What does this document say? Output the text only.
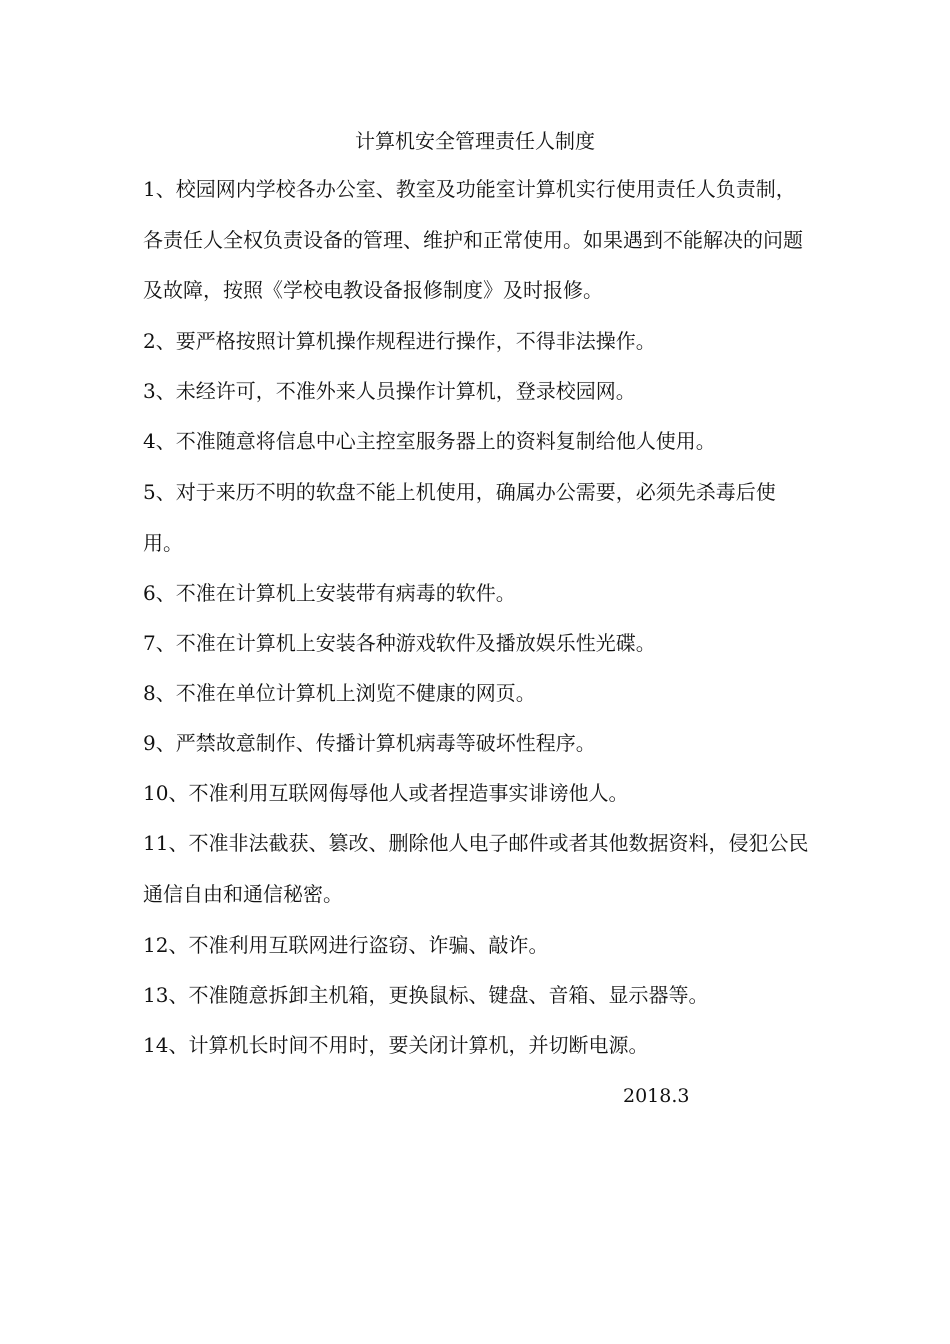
计算机安全管理责任人制度

1、校园网内学校各办公室、教室及功能室计算机实行使用责任人负责制，各责任人全权负责设备的管理、维护和正常使用。如果遇到不能解决的问题及故障，按照《学校电教设备报修制度》及时报修。

2、要严格按照计算机操作规程进行操作，不得非法操作。

3、未经许可，不准外来人员操作计算机，登录校园网。

4、不准随意将信息中心主控室服务器上的资料复制给他人使用。

5、对于来历不明的软盘不能上机使用，确属办公需要，必须先杀毒后使用。

6、不准在计算机上安装带有病毒的软件。

7、不准在计算机上安装各种游戏软件及播放娱乐性光碟。

8、不准在单位计算机上浏览不健康的网页。

9、严禁故意制作、传播计算机病毒等破坏性程序。

10、不准利用互联网侮辱他人或者捏造事实诽谤他人。

11、不准非法截获、篡改、删除他人电子邮件或者其他数据资料，侵犯公民通信自由和通信秘密。

12、不准利用互联网进行盗窃、诈骗、敲诈。

13、不准随意拆卸主机箱，更换鼠标、键盘、音箱、显示器等。

14、计算机长时间不用时，要关闭计算机，并切断电源。

2018.3
